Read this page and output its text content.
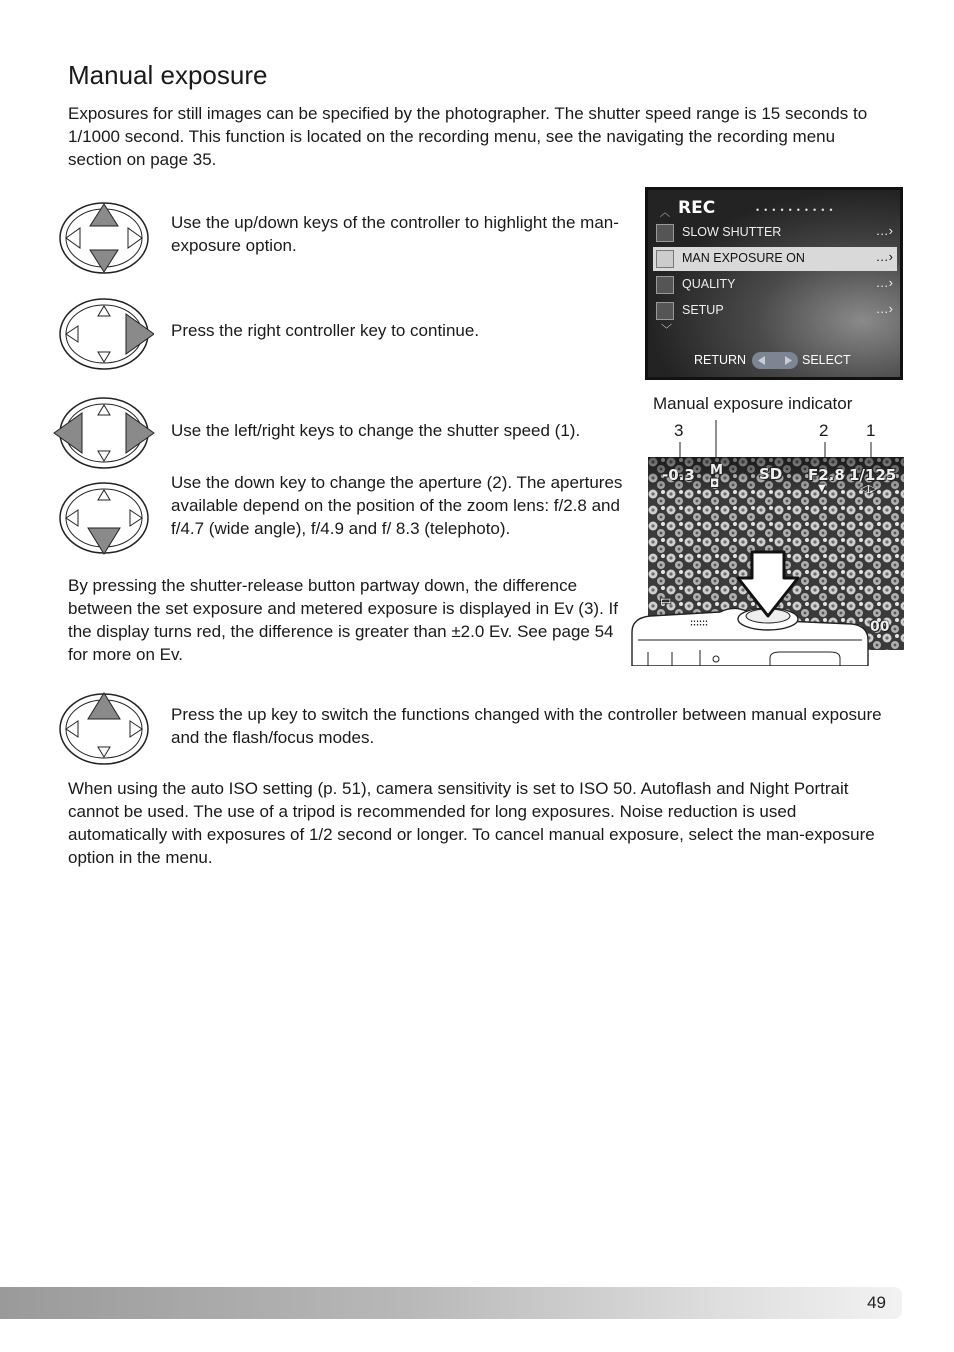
Manual exposure

Exposures for still images can be specified by the photographer. The shutter speed range is 15 seconds to 1/1000 second. This function is located on the recording menu, see the navigating the recording menu section on page 35.

Use the up/down keys of the controller to highlight the man-exposure option.

Press the right controller key to continue.

Use the left/right keys to change the shutter speed (1).

Use the down key to change the aperture (2). The apertures available depend on the position of the zoom lens: f/2.8 and f/4.7 (wide angle), f/4.9 and f/ 8.3 (telephoto).

By pressing the shutter-release button partway down, the difference between the set exposure and metered exposure is displayed in Ev (3). If the display turns red, the difference is greater than ±2.0 Ev. See page 54 for more on Ev.

︿ REC	••••••••••
SLOW SHUTTER	…›
MAN EXPOSURE ON	…›
QUALITY	…›
SETUP	…›
﹀
RETURN	SELECT
Manual exposure indicator
3	2 1
-0.3 M
◘
SD F2.8
▼
1/125
◁▷
▭
00
∷∷∷

Press the up key to switch the functions changed with the controller between manual exposure and the flash/focus modes.

When using the auto ISO setting (p. 51), camera sensitivity is set to ISO 50. Autoflash and Night Portrait cannot be used. The use of a tripod is recommended for long exposures. Noise reduction is used automatically with exposures of 1/2 second or longer. To cancel manual exposure, select the man-exposure option in the menu.

49
